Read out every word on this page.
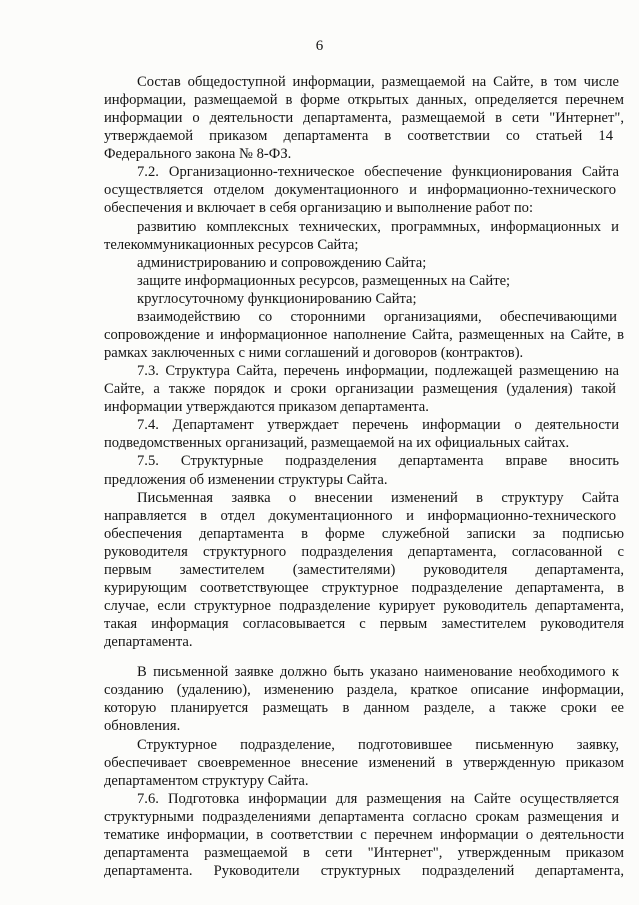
6
Состав общедоступной информации, размещаемой на Сайте, в том числе
информации, размещаемой в форме открытых данных, определяется перечнем
информации о деятельности департамента, размещаемой в сети "Интернет",
утверждаемой приказом департамента в соответствии со статьей 14
Федерального закона № 8-ФЗ.
7.2. Организационно-техническое обеспечение функционирования Сайта
осуществляется отделом документационного и информационно-технического
обеспечения и включает в себя организацию и выполнение работ по:
развитию комплексных технических, программных, информационных и
телекоммуникационных ресурсов Сайта;
администрированию и сопровождению Сайта;
защите информационных ресурсов, размещенных на Сайте;
круглосуточному функционированию Сайта;
взаимодействию со сторонними организациями, обеспечивающими
сопровождение и информационное наполнение Сайта, размещенных на Сайте, в
рамках заключенных с ними соглашений и договоров (контрактов).
7.3. Структура Сайта, перечень информации, подлежащей размещению на
Сайте, а также порядок и сроки организации размещения (удаления) такой
информации утверждаются приказом департамента.
7.4. Департамент утверждает перечень информации о деятельности
подведомственных организаций, размещаемой на их официальных сайтах.
7.5. Структурные подразделения департамента вправе вносить
предложения об изменении структуры Сайта.
Письменная заявка о внесении изменений в структуру Сайта
направляется в отдел документационного и информационно-технического
обеспечения департамента в форме служебной записки за подписью
руководителя структурного подразделения департамента, согласованной с
первым заместителем (заместителями) руководителя департамента,
курирующим соответствующее структурное подразделение департамента, в
случае, если структурное подразделение курирует руководитель департамента,
такая информация согласовывается с первым заместителем руководителя
департамента.
В письменной заявке должно быть указано наименование необходимого к
созданию (удалению), изменению раздела, краткое описание информации,
которую планируется размещать в данном разделе, а также сроки ее
обновления.
Структурное подразделение, подготовившее письменную заявку,
обеспечивает своевременное внесение изменений в утвержденную приказом
департаментом структуру Сайта.
7.6. Подготовка информации для размещения на Сайте осуществляется
структурными подразделениями департамента согласно срокам размещения и
тематике информации, в соответствии с перечнем информации о деятельности
департамента размещаемой в сети "Интернет", утвержденным приказом
департамента. Руководители структурных подразделений департамента,
